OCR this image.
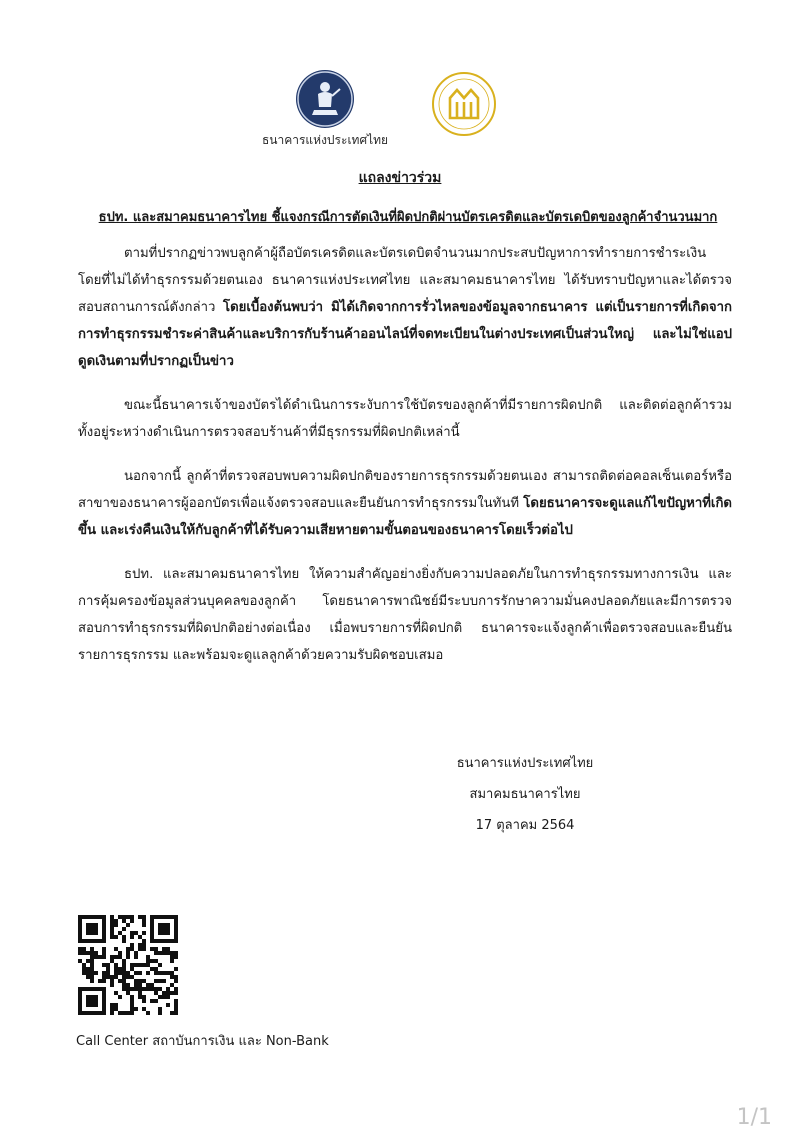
ธนาคารแห่งประเทศไทย
แถลงข่าวร่วม
ธปท. และสมาคมธนาคารไทย ชี้แจงกรณีการตัดเงินที่ผิดปกติผ่านบัตรเครดิตและบัตรเดบิตของลูกค้าจำนวนมาก

ตามที่ปรากฏข่าวพบลูกค้าผู้ถือบัตรเครดิตและบัตรเดบิตจำนวนมากประสบปัญหาการทำรายการชำระเงิน โดยที่ไม่ได้ทำธุรกรรมด้วยตนเอง ธนาคารแห่งประเทศไทย และสมาคมธนาคารไทย ได้รับทราบปัญหาและได้ตรวจสอบสถานการณ์ดังกล่าว โดยเบื้องต้นพบว่า มิได้เกิดจากการรั่วไหลของข้อมูลจากธนาคาร แต่เป็นรายการที่เกิดจากการทำธุรกรรมชำระค่าสินค้าและบริการกับร้านค้าออนไลน์ที่จดทะเบียนในต่างประเทศเป็นส่วนใหญ่ และไม่ใช่แอปดูดเงินตามที่ปรากฏเป็นข่าว

ขณะนี้ธนาคารเจ้าของบัตรได้ดำเนินการระงับการใช้บัตรของลูกค้าที่มีรายการผิดปกติ และติดต่อลูกค้ารวมทั้งอยู่ระหว่างดำเนินการตรวจสอบร้านค้าที่มีธุรกรรมที่ผิดปกติเหล่านี้

นอกจากนี้ ลูกค้าที่ตรวจสอบพบความผิดปกติของรายการธุรกรรมด้วยตนเอง สามารถติดต่อคอลเซ็นเตอร์หรือสาขาของธนาคารผู้ออกบัตรเพื่อแจ้งตรวจสอบและยืนยันการทำธุรกรรมในทันที โดยธนาคารจะดูแลแก้ไขปัญหาที่เกิดขึ้น และเร่งคืนเงินให้กับลูกค้าที่ได้รับความเสียหายตามขั้นตอนของธนาคารโดยเร็วต่อไป

ธปท. และสมาคมธนาคารไทย ให้ความสำคัญอย่างยิ่งกับความปลอดภัยในการทำธุรกรรมทางการเงิน และการคุ้มครองข้อมูลส่วนบุคคลของลูกค้า โดยธนาคารพาณิชย์มีระบบการรักษาความมั่นคงปลอดภัยและมีการตรวจสอบการทำธุรกรรมที่ผิดปกติอย่างต่อเนื่อง เมื่อพบรายการที่ผิดปกติ ธนาคารจะแจ้งลูกค้าเพื่อตรวจสอบและยืนยันรายการธุรกรรม และพร้อมจะดูแลลูกค้าด้วยความรับผิดชอบเสมอ

ธนาคารแห่งประเทศไทย
สมาคมธนาคารไทย
17 ตุลาคม 2564
Call Center สถาบันการเงิน และ Non-Bank
1/1
